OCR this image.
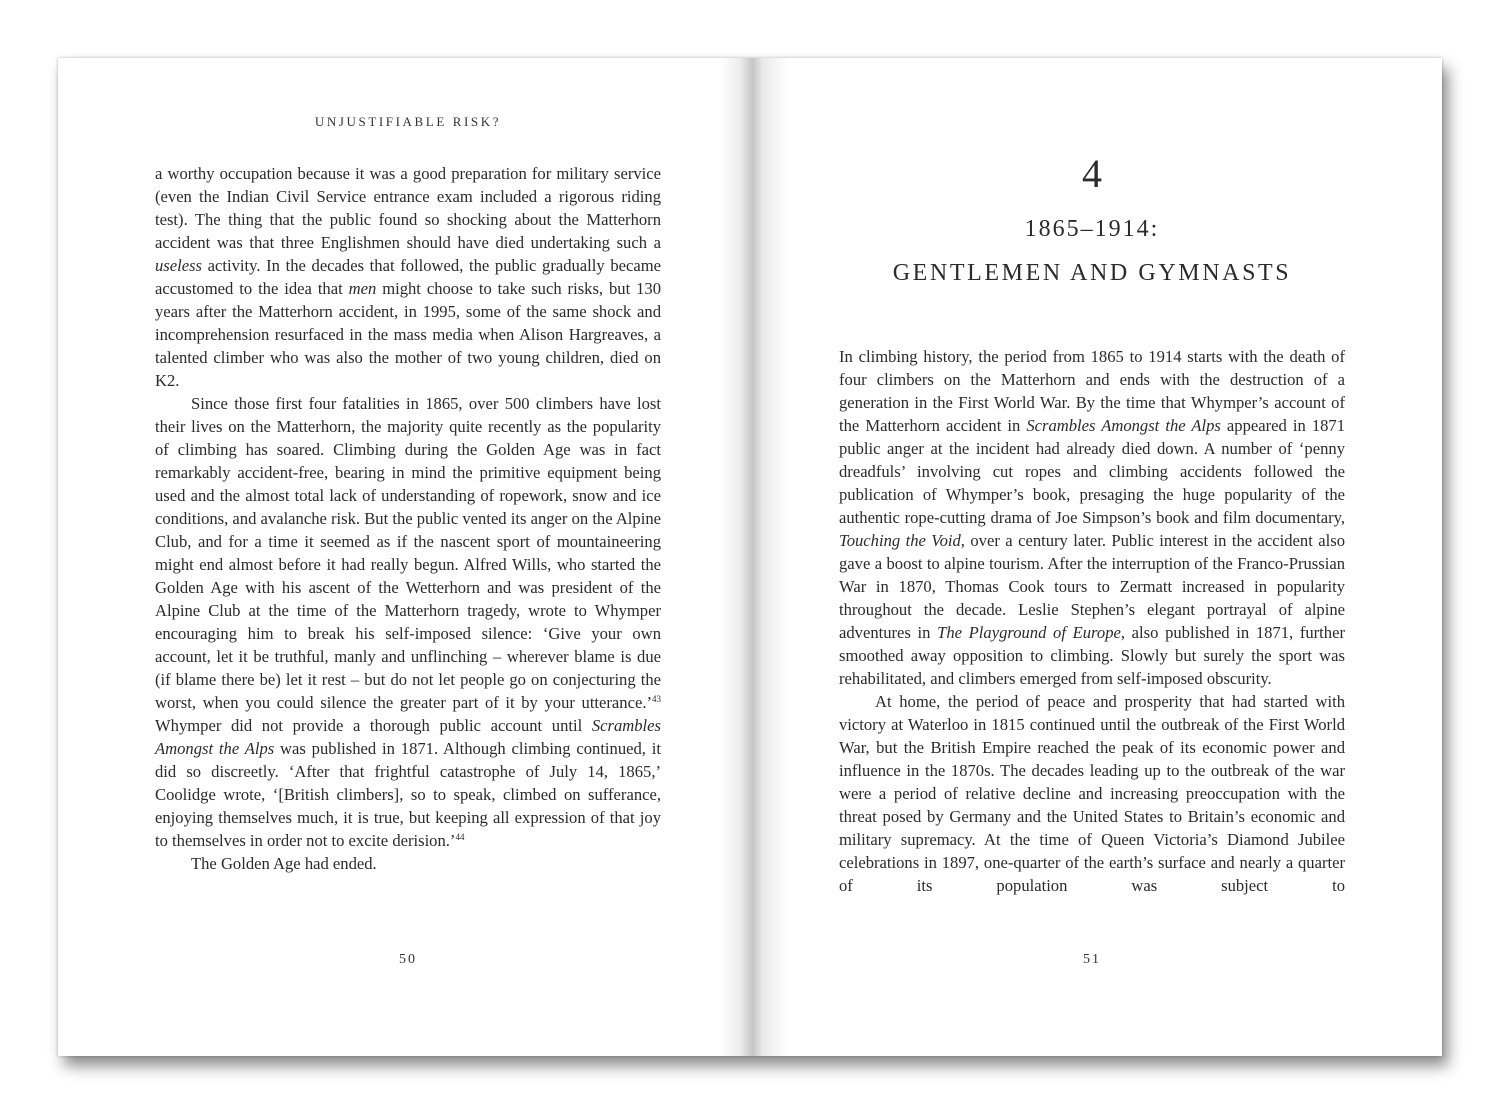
UNJUSTIFIABLE RISK?

a worthy occupation because it was a good preparation for military service (even the Indian Civil Service entrance exam included a rigorous riding test). The thing that the public found so shocking about the Matterhorn accident was that three Englishmen should have died undertaking such a useless activity. In the decades that followed, the public gradually became accustomed to the idea that men might choose to take such risks, but 130 years after the Matterhorn accident, in 1995, some of the same shock and incomprehension resurfaced in the mass media when Alison Hargreaves, a talented climber who was also the mother of two young children, died on K2.

Since those first four fatalities in 1865, over 500 climbers have lost their lives on the Matterhorn, the majority quite recently as the popularity of climbing has soared. Climbing during the Golden Age was in fact remarkably accident-free, bearing in mind the primitive equipment being used and the almost total lack of understanding of ropework, snow and ice conditions, and avalanche risk. But the public vented its anger on the Alpine Club, and for a time it seemed as if the nascent sport of mountaineering might end almost before it had really begun. Alfred Wills, who started the Golden Age with his ascent of the Wetterhorn and was president of the Alpine Club at the time of the Matterhorn tragedy, wrote to Whymper encouraging him to break his self-imposed silence: ‘Give your own account, let it be truthful, manly and unflinching – wherever blame is due (if blame there be) let it rest – but do not let people go on conjecturing the worst, when you could silence the greater part of it by your utterance.’$^{43}$ Whymper did not provide a thorough public account until Scrambles Amongst the Alps was published in 1871. Although climbing continued, it did so discreetly. ‘After that frightful catastrophe of July 14, 1865,’ Coolidge wrote, ‘[British climbers], so to speak, climbed on sufferance, enjoying themselves much, it is true, but keeping all expression of that joy to themselves in order not to excite derision.’$^{44}$

The Golden Age had ended.

50
4
1865–1914:
GENTLEMEN AND GYMNASTS

In climbing history, the period from 1865 to 1914 starts with the death of four climbers on the Matterhorn and ends with the destruction of a generation in the First World War. By the time that Whymper’s account of the Matterhorn accident in Scrambles Amongst the Alps appeared in 1871 public anger at the incident had already died down. A number of ‘penny dreadfuls’ involving cut ropes and climbing accidents followed the publication of Whymper’s book, presaging the huge popularity of the authentic rope-cutting drama of Joe Simpson’s book and film documentary, Touching the Void, over a century later. Public interest in the accident also gave a boost to alpine tourism. After the interruption of the Franco-Prussian War in 1870, Thomas Cook tours to Zermatt increased in popularity throughout the decade. Leslie Stephen’s elegant portrayal of alpine adventures in The Playground of Europe, also published in 1871, further smoothed away opposition to climbing. Slowly but surely the sport was rehabilitated, and climbers emerged from self-imposed obscurity.

At home, the period of peace and prosperity that had started with victory at Waterloo in 1815 continued until the outbreak of the First World War, but the British Empire reached the peak of its economic power and influence in the 1870s. The decades leading up to the outbreak of the war were a period of relative decline and increasing preoccupation with the threat posed by Germany and the United States to Britain’s economic and military supremacy. At the time of Queen Victoria’s Diamond Jubilee celebrations in 1897, one-quarter of the earth’s surface and nearly a quarter of its population was subject to

51
